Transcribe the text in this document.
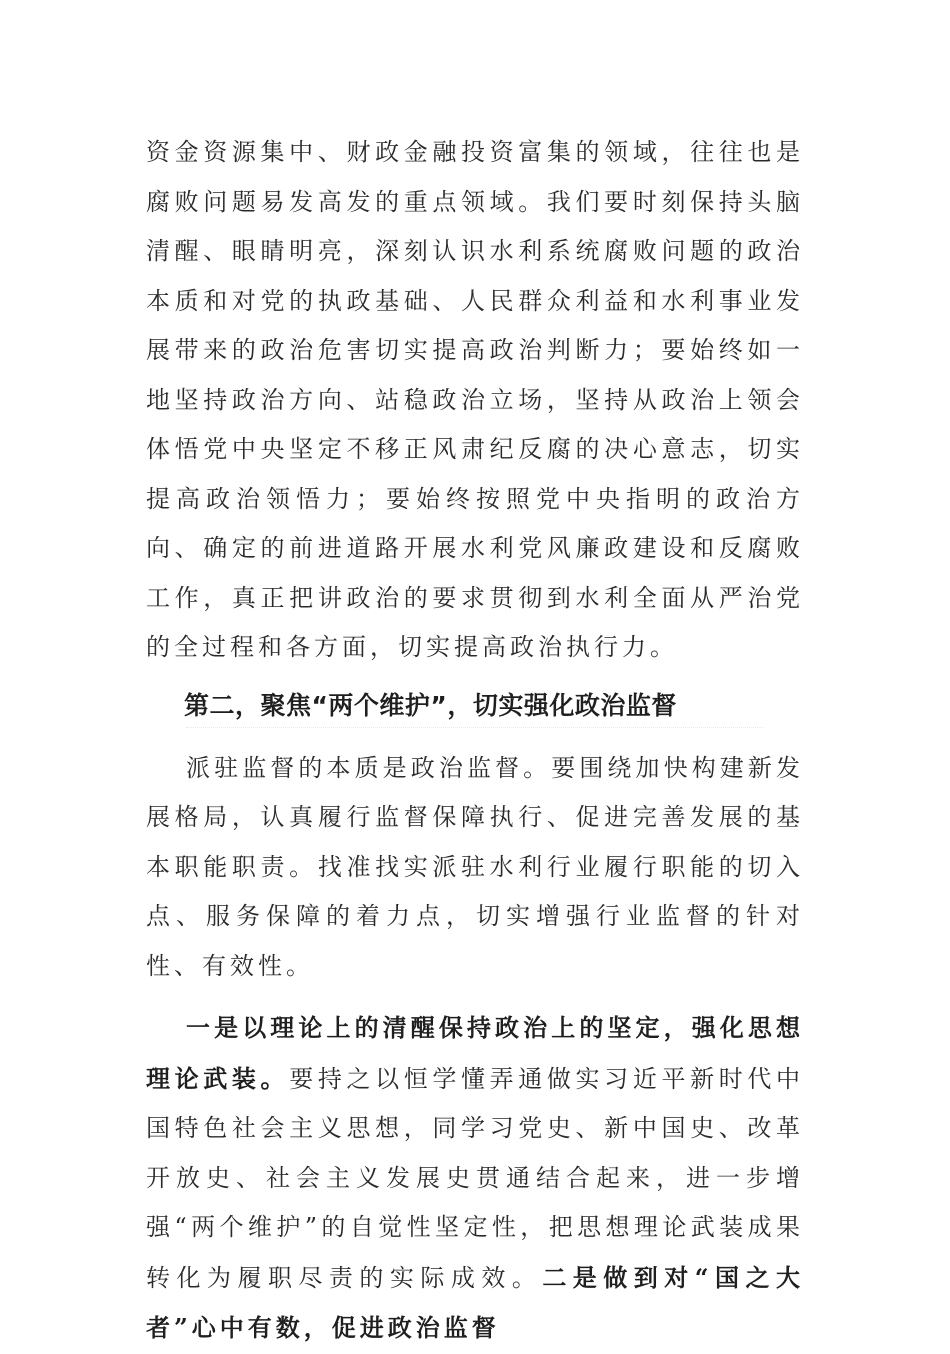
资金资源集中、财政金融投资富集的领域，往往也是腐败问题易发高发的重点领域。我们要时刻保持头脑清醒、眼睛明亮，深刻认识水利系统腐败问题的政治本质和对党的执政基础、人民群众利益和水利事业发展带来的政治危害切实提高政治判断力；要始终如一地坚持政治方向、站稳政治立场，坚持从政治上领会体悟党中央坚定不移正风肃纪反腐的决心意志，切实提高政治领悟力；要始终按照党中央指明的政治方向、确定的前进道路开展水利党风廉政建设和反腐败工作，真正把讲政治的要求贯彻到水利全面从严治党的全过程和各方面，切实提高政治执行力。

第二，聚焦“两个维护”，切实强化政治监督

派驻监督的本质是政治监督。要围绕加快构建新发展格局，认真履行监督保障执行、促进完善发展的基本职能职责。找准找实派驻水利行业履行职能的切入点、服务保障的着力点，切实增强行业监督的针对性、有效性。

一是以理论上的清醒保持政治上的坚定，强化思想理论武装。要持之以恒学懂弄通做实习近平新时代中国特色社会主义思想，同学习党史、新中国史、改革开放史、社会主义发展史贯通结合起来，进一步增强“两个维护”的自觉性坚定性，把思想理论武装成果转化为履职尽责的实际成效。二是做到对“国之大者”心中有数，促进政治监督
